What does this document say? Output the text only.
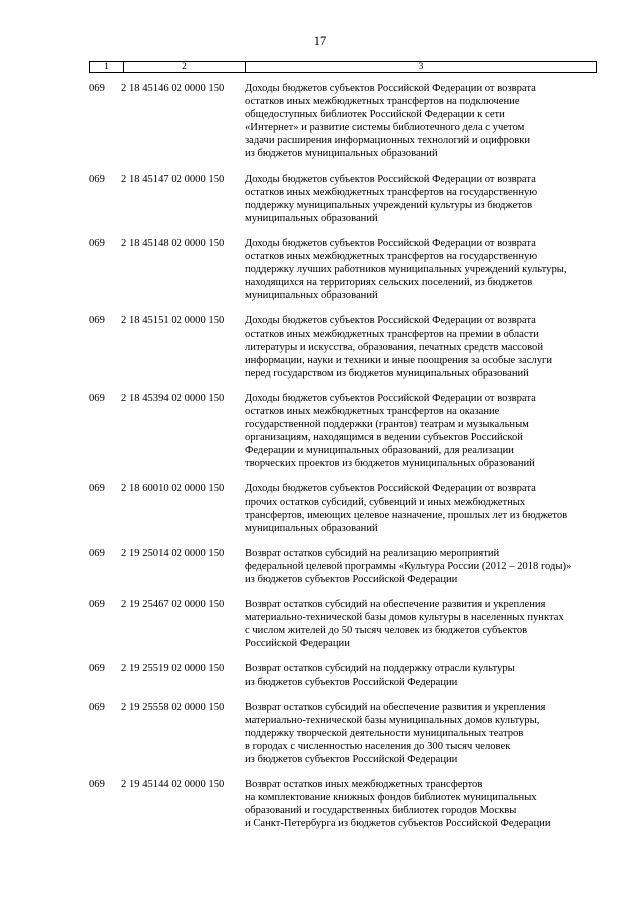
17
1	2	3
069	2 18 45146 02 0000 150	Доходы бюджетов субъектов Российской Федерации от возврата
остатков иных межбюджетных трансфертов на подключение
общедоступных библиотек Российской Федерации к сети
«Интернет» и развитие системы библиотечного дела с учетом
задачи расширения информационных технологий и оцифровки
из бюджетов муниципальных образований
069	2 18 45147 02 0000 150	Доходы бюджетов субъектов Российской Федерации от возврата
остатков иных межбюджетных трансфертов на государственную
поддержку муниципальных учреждений культуры из бюджетов
муниципальных образований
069	2 18 45148 02 0000 150	Доходы бюджетов субъектов Российской Федерации от возврата
остатков иных межбюджетных трансфертов на государственную
поддержку лучших работников муниципальных учреждений культуры,
находящихся на территориях сельских поселений, из бюджетов
муниципальных образований
069	2 18 45151 02 0000 150	Доходы бюджетов субъектов Российской Федерации от возврата
остатков иных межбюджетных трансфертов на премии в области
литературы и искусства, образования, печатных средств массовой
информации, науки и техники и иные поощрения за особые заслуги
перед государством из бюджетов муниципальных образований
069	2 18 45394 02 0000 150	Доходы бюджетов субъектов Российской Федерации от возврата
остатков иных межбюджетных трансфертов на оказание
государственной поддержки (грантов) театрам и музыкальным
организациям, находящимся в ведении субъектов Российской
Федерации и муниципальных образований, для реализации
творческих проектов из бюджетов муниципальных образований
069	2 18 60010 02 0000 150	Доходы бюджетов субъектов Российской Федерации от возврата
прочих остатков субсидий, субвенций и иных межбюджетных
трансфертов, имеющих целевое назначение, прошлых лет из бюджетов
муниципальных образований
069	2 19 25014 02 0000 150	Возврат остатков субсидий на реализацию мероприятий
федеральной целевой программы «Культура России (2012 – 2018 годы)»
из бюджетов субъектов Российской Федерации
069	2 19 25467 02 0000 150	Возврат остатков субсидий на обеспечение развития и укрепления
материально-технической базы домов культуры в населенных пунктах
с числом жителей до 50 тысяч человек из бюджетов субъектов
Российской Федерации
069	2 19 25519 02 0000 150	Возврат остатков субсидий на поддержку отрасли культуры
из бюджетов субъектов Российской Федерации
069	2 19 25558 02 0000 150	Возврат остатков субсидий на обеспечение развития и укрепления
материально-технической базы муниципальных домов культуры,
поддержку творческой деятельности муниципальных театров
в городах с численностью населения до 300 тысяч человек
из бюджетов субъектов Российской Федерации
069	2 19 45144 02 0000 150	Возврат остатков иных межбюджетных трансфертов
на комплектование книжных фондов библиотек муниципальных
образований и государственных библиотек городов Москвы
и Санкт-Петербурга из бюджетов субъектов Российской Федерации
